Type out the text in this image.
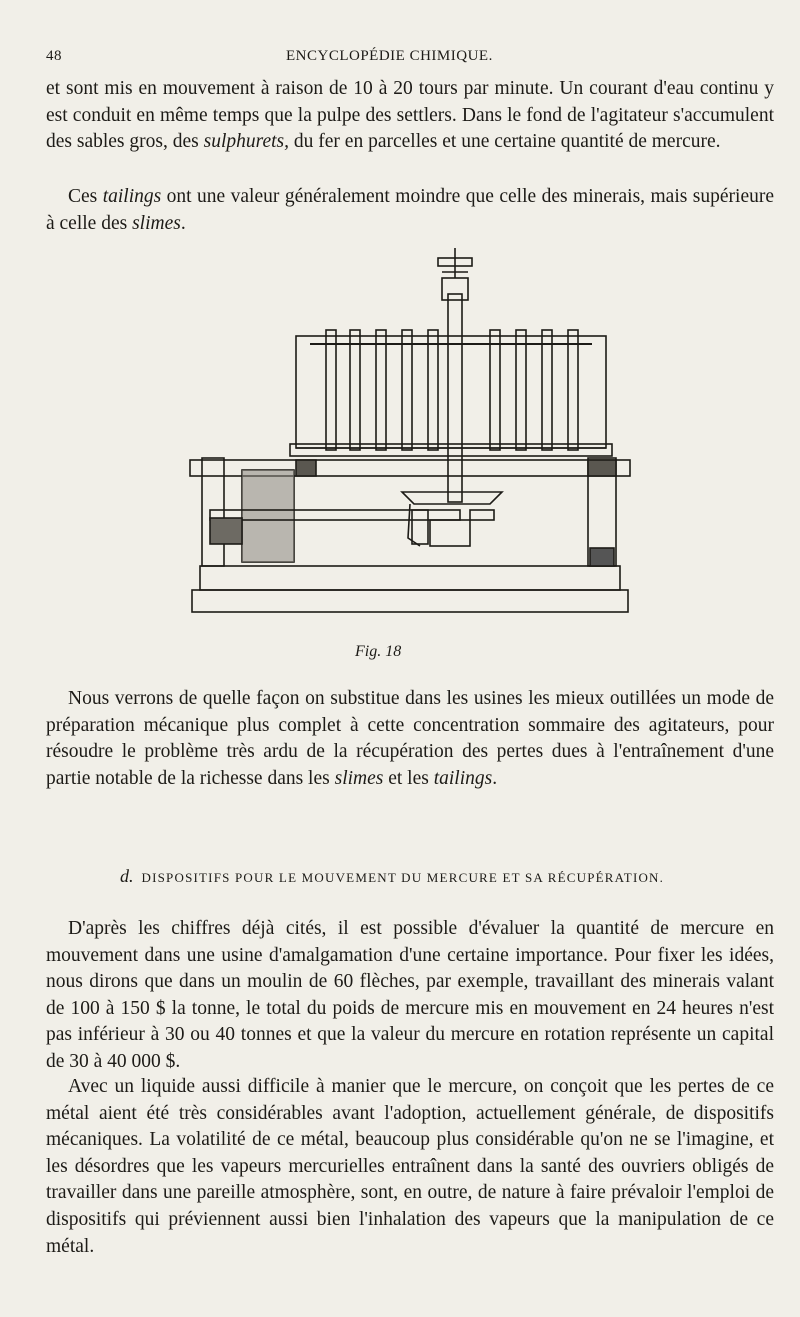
48	ENCYCLOPÉDIE CHIMIQUE.

et sont mis en mouvement à raison de 10 à 20 tours par minute. Un courant d'eau continu y est conduit en même temps que la pulpe des settlers. Dans le fond de l'agitateur s'accumulent des sables gros, des sulphurets, du fer en parcelles et une certaine quantité de mercure.

Ces tailings ont une valeur généralement moindre que celle des minerais, mais supérieure à celle des slimes.

Fig. 18

Nous verrons de quelle façon on substitue dans les usines les mieux outillées un mode de préparation mécanique plus complet à cette concentration sommaire des agitateurs, pour résoudre le problème très ardu de la récupération des pertes dues à l'entraînement d'une partie notable de la richesse dans les slimes et les tailings.

d. DISPOSITIFS POUR LE MOUVEMENT DU MERCURE ET SA RÉCUPÉRATION.

D'après les chiffres déjà cités, il est possible d'évaluer la quantité de mercure en mouvement dans une usine d'amalgamation d'une certaine importance. Pour fixer les idées, nous dirons que dans un moulin de 60 flèches, par exemple, travaillant des minerais valant de 100 à 150 $ la tonne, le total du poids de mercure mis en mouvement en 24 heures n'est pas inférieur à 30 ou 40 tonnes et que la valeur du mercure en rotation représente un capital de 30 à 40 000 $.

Avec un liquide aussi difficile à manier que le mercure, on conçoit que les pertes de ce métal aient été très considérables avant l'adoption, actuellement générale, de dispositifs mécaniques. La volatilité de ce métal, beaucoup plus considérable qu'on ne se l'imagine, et les désordres que les vapeurs mercurielles entraînent dans la santé des ouvriers obligés de travailler dans une pareille atmosphère, sont, en outre, de nature à faire prévaloir l'emploi de dispositifs qui préviennent aussi bien l'inhalation des vapeurs que la manipulation de ce métal.
